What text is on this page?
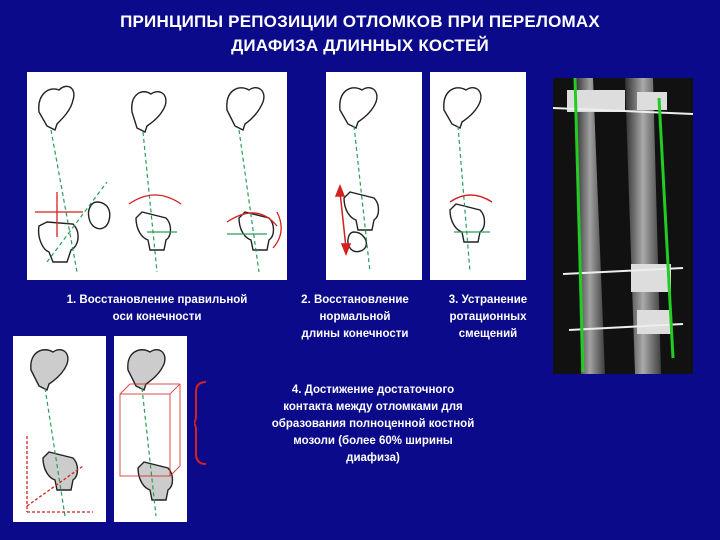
ПРИНЦИПЫ РЕПОЗИЦИИ ОТЛОМКОВ ПРИ ПЕРЕЛОМАХ
ДИАФИЗА ДЛИННЫХ КОСТЕЙ
1. Восстановление правильной
оси конечности
2. Восстановление
нормальной
длины конечности
3. Устранение
ротационных
смещений
4. Достижение достаточного
контакта между отломками для
образования полноценной костной
мозоли (более 60% ширины
диафиза)
